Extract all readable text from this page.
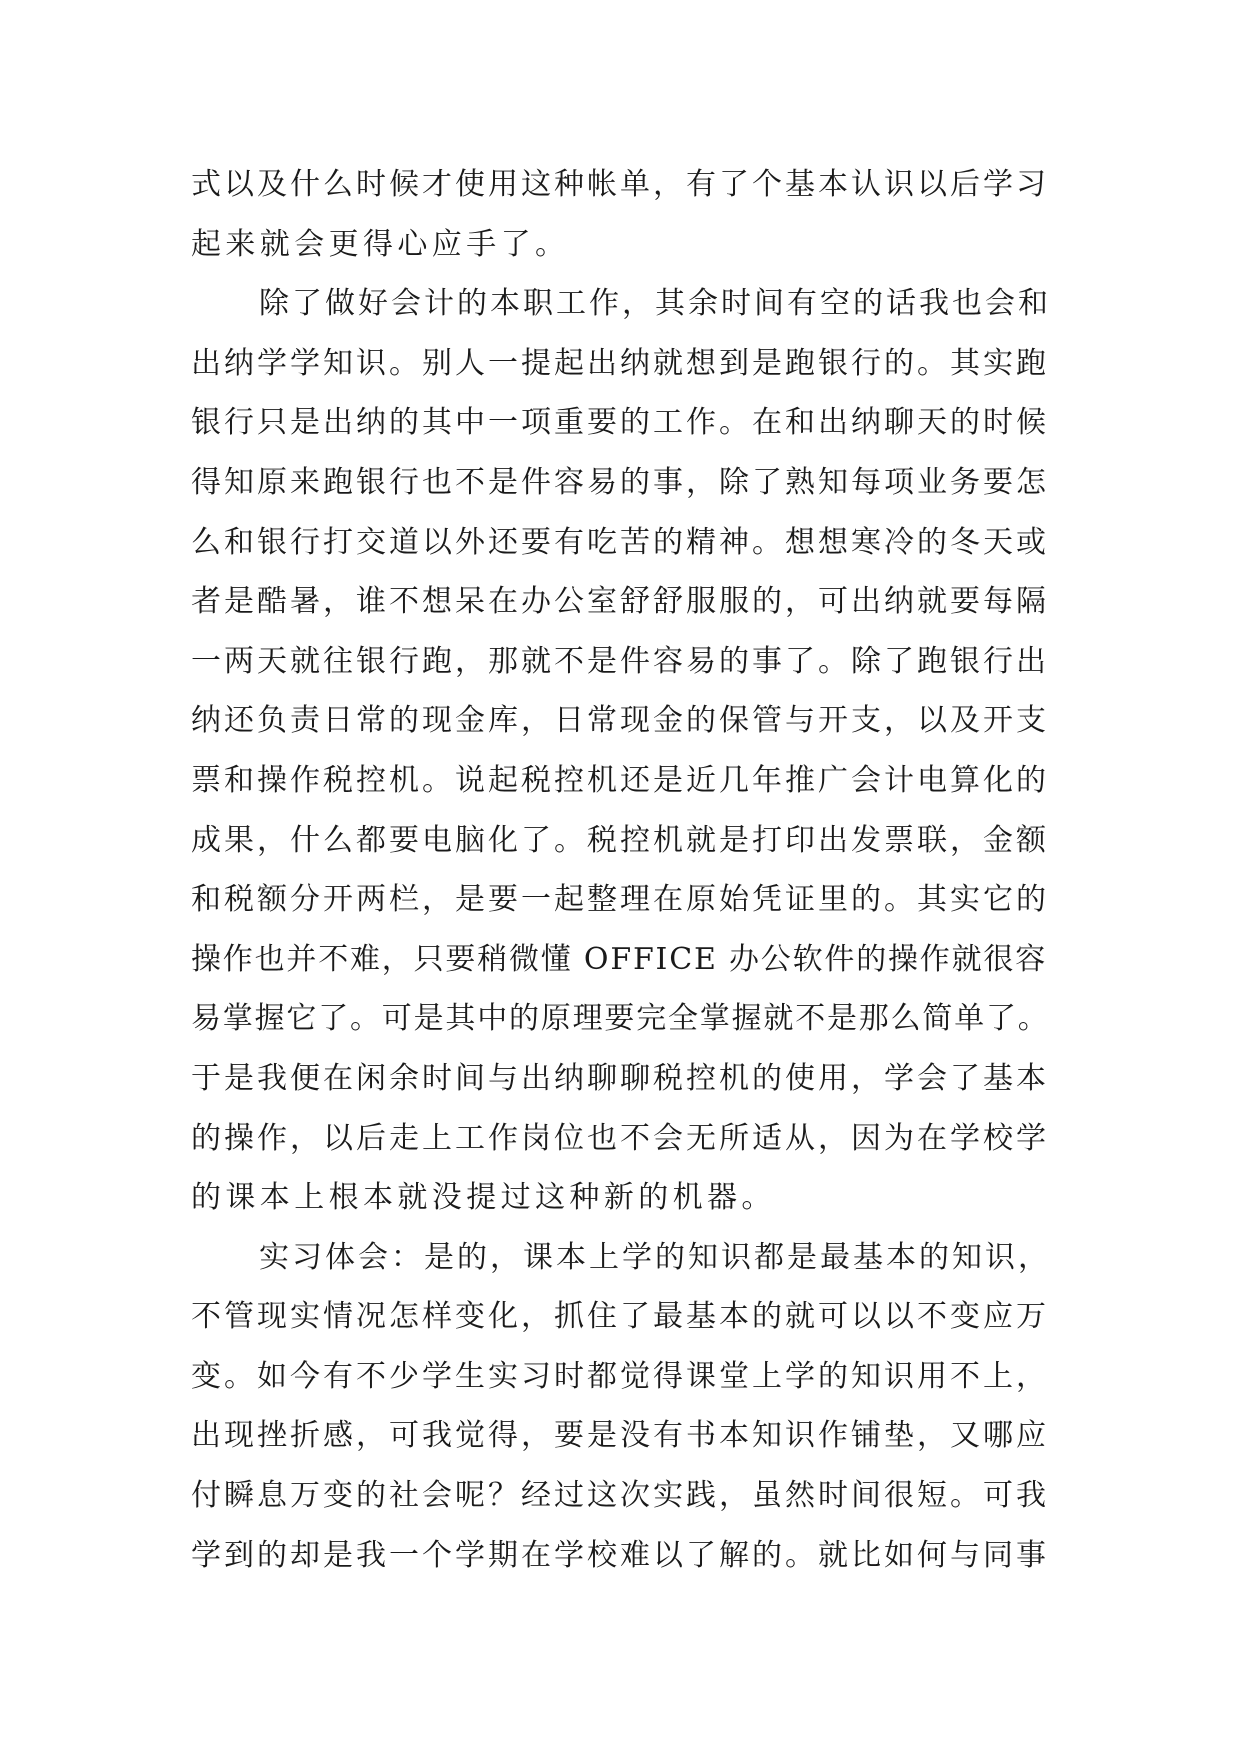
式以及什么时候才使用这种帐单，有了个基本认识以后学习
起来就会更得心应手了。
除了做好会计的本职工作，其余时间有空的话我也会和
出纳学学知识。别人一提起出纳就想到是跑银行的。其实跑
银行只是出纳的其中一项重要的工作。在和出纳聊天的时候
得知原来跑银行也不是件容易的事，除了熟知每项业务要怎
么和银行打交道以外还要有吃苦的精神。想想寒冷的冬天或
者是酷暑，谁不想呆在办公室舒舒服服的，可出纳就要每隔
一两天就往银行跑，那就不是件容易的事了。除了跑银行出
纳还负责日常的现金库，日常现金的保管与开支，以及开支
票和操作税控机。说起税控机还是近几年推广会计电算化的
成果，什么都要电脑化了。税控机就是打印出发票联，金额
和税额分开两栏，是要一起整理在原始凭证里的。其实它的
操作也并不难，只要稍微懂 OFFICE 办公软件的操作就很容
易掌握它了。可是其中的原理要完全掌握就不是那么简单了。
于是我便在闲余时间与出纳聊聊税控机的使用，学会了基本
的操作，以后走上工作岗位也不会无所适从，因为在学校学
的课本上根本就没提过这种新的机器。
实习体会：是的，课本上学的知识都是最基本的知识，
不管现实情况怎样变化，抓住了最基本的就可以以不变应万
变。如今有不少学生实习时都觉得课堂上学的知识用不上，
出现挫折感，可我觉得，要是没有书本知识作铺垫，又哪应
付瞬息万变的社会呢？经过这次实践，虽然时间很短。可我
学到的却是我一个学期在学校难以了解的。就比如何与同事
